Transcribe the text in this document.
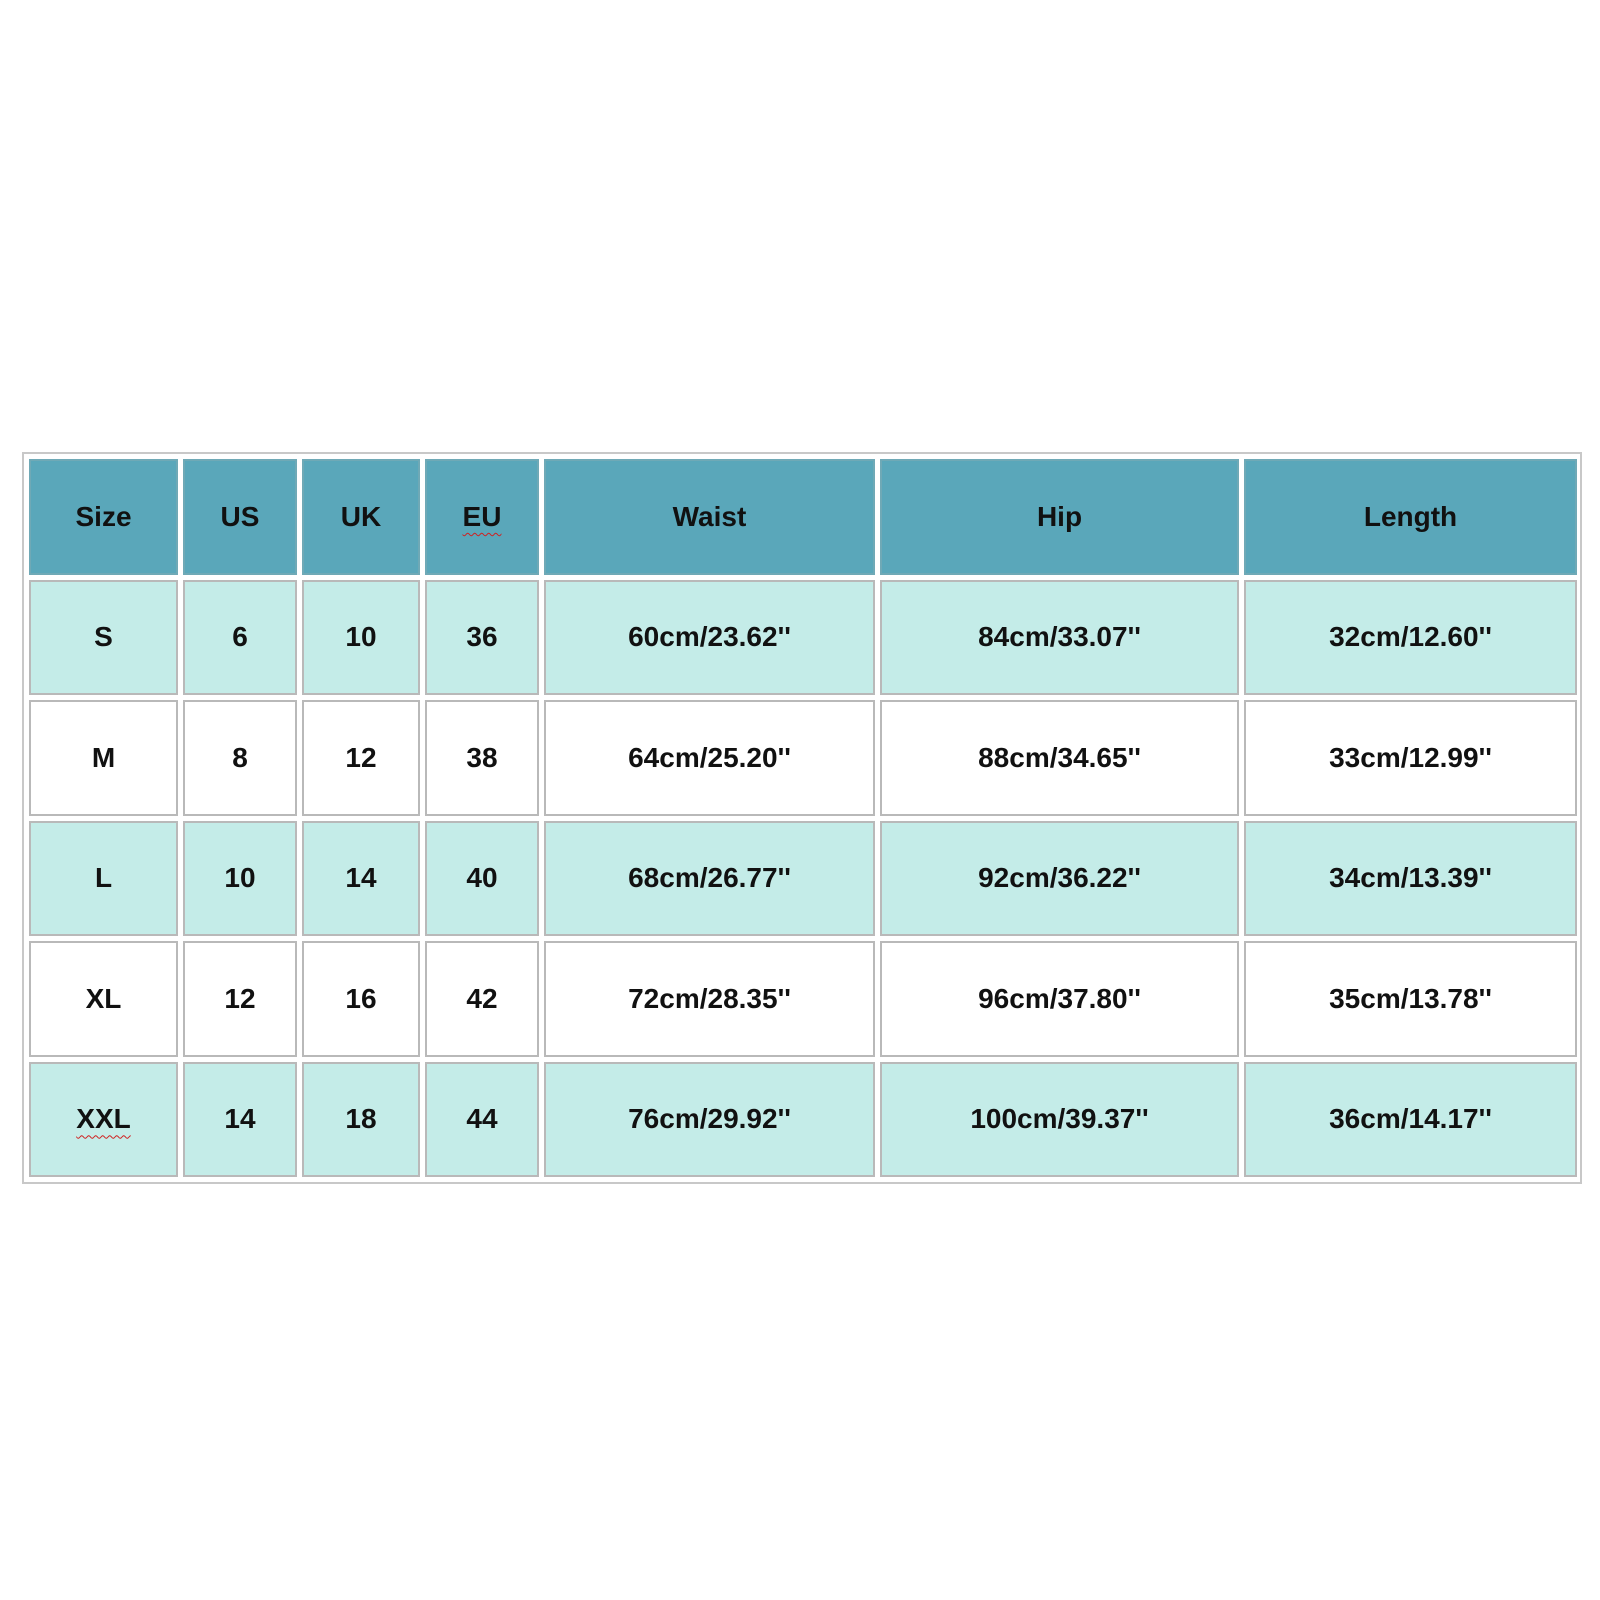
Size	US	UK	EU	Waist	Hip	Length
S	6	10	36	60cm/23.62''	84cm/33.07''	32cm/12.60''
M	8	12	38	64cm/25.20''	88cm/34.65''	33cm/12.99''
L	10	14	40	68cm/26.77''	92cm/36.22''	34cm/13.39''
XL	12	16	42	72cm/28.35''	96cm/37.80''	35cm/13.78''
XXL	14	18	44	76cm/29.92''	100cm/39.37''	36cm/14.17''
